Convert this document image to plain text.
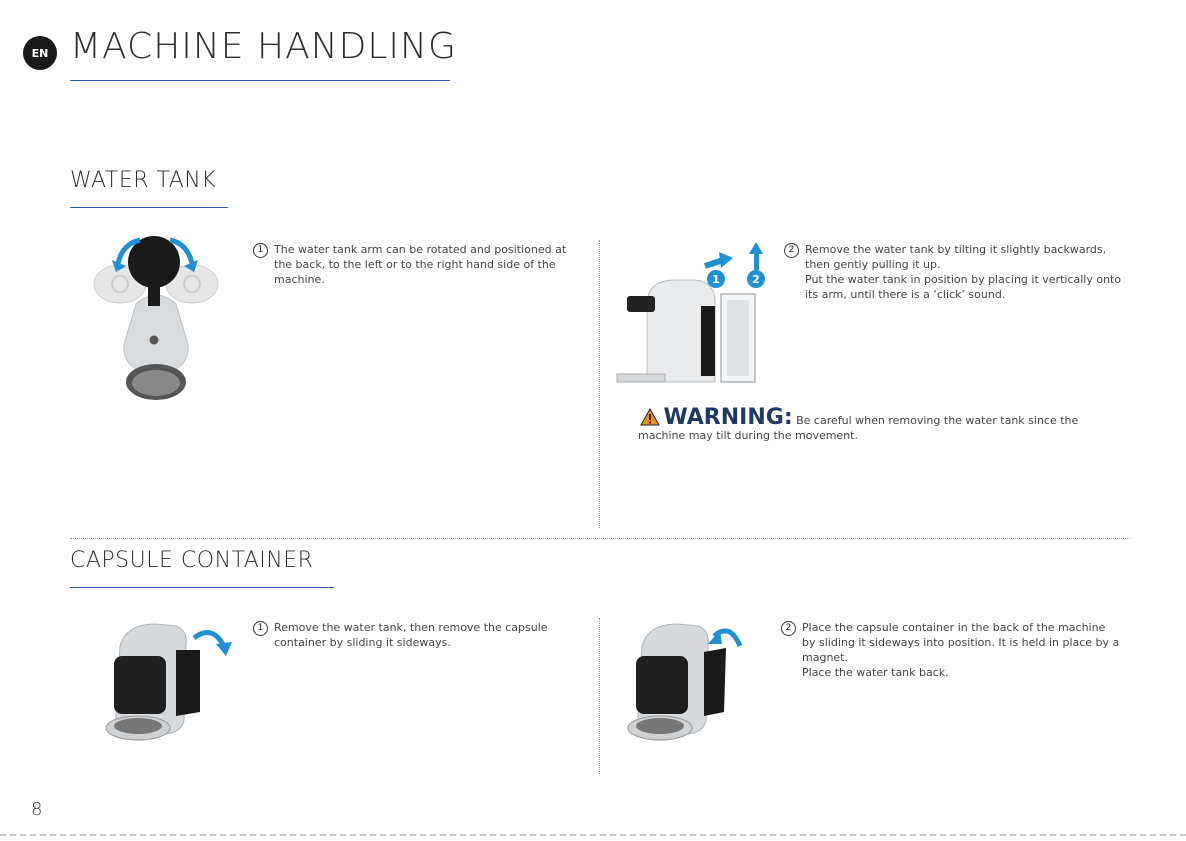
EN MACHINE HANDLING
WATER TANK
1 The water tank arm can be rotated and positioned at the back, to the left or to the right hand side of the machine.	1	2
2 Remove the water tank by tilting it slightly backwards, then gently pulling it up.

Put the water tank in position by placing it vertically onto its arm, until there is a ‘click’ sound.

WARNING: Be careful when removing the water tank since the machine may tilt during the movement.
CAPSULE CONTAINER
1 Remove the water tank, then remove the capsule container by sliding it sideways.

2 Place the capsule container in the back of the machine by sliding it sideways into position. It is held in place by a magnet.

Place the water tank back.

8
